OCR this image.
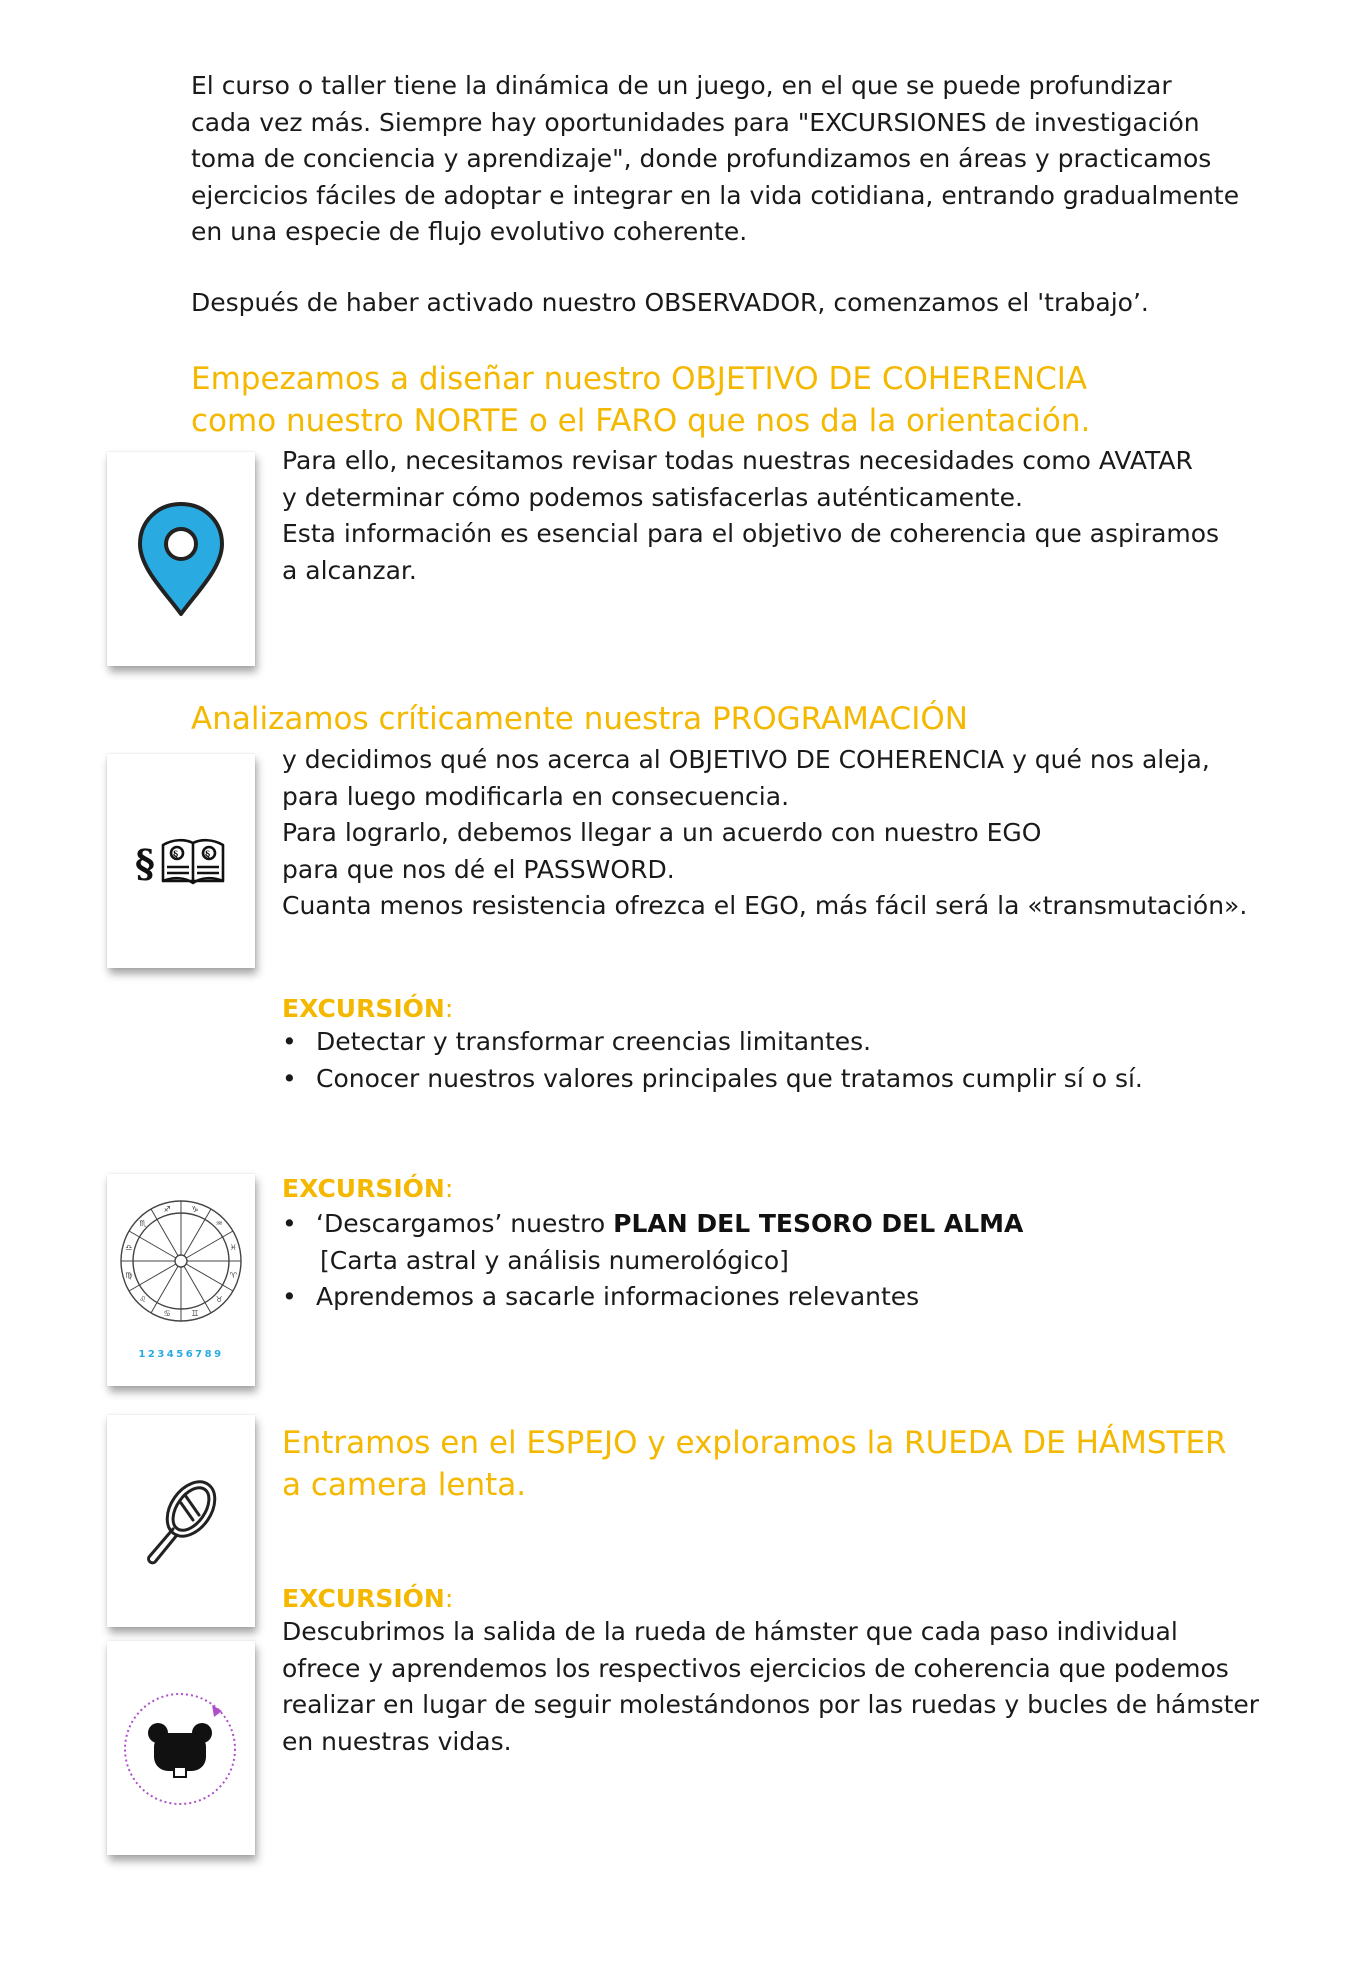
El curso o taller tiene la dinámica de un juego, en el que se puede profundizar
cada vez más. Siempre hay oportunidades para "EXCURSIONES de investigación
toma de conciencia y aprendizaje", donde profundizamos en áreas y practicamos
ejercicios fáciles de adoptar e integrar en la vida cotidiana, entrando gradualmente
en una especie de flujo evolutivo coherente.

Después de haber activado nuestro OBSERVADOR, comenzamos el 'trabajo’.

Empezamos a diseñar nuestro OBJETIVO DE COHERENCIA
como nuestro NORTE o el FARO que nos da la orientación.
Para ello, necesitamos revisar todas nuestras necesidades como AVATAR
y determinar cómo podemos satisfacerlas auténticamente.
Esta información es esencial para el objetivo de coherencia que aspiramos
a alcanzar.
Analizamos críticamente nuestra PROGRAMACIÓN
§ §	§
y decidimos qué nos acerca al OBJETIVO DE COHERENCIA y qué nos aleja,
para luego modificarla en consecuencia.
Para lograrlo, debemos llegar a un acuerdo con nuestro EGO
para que nos dé el PASSWORD.
Cuanta menos resistencia ofrezca el EGO, más fácil será la «transmutación».
EXCURSIÓN:
• Detectar y transformar creencias limitantes.
• Conocer nuestros valores principales que tratamos cumplir sí o sí.
♈
♉
♊
♋
♌
♍
♎
♏
♐	♑
♒
♓
123456789
EXCURSIÓN:
• ‘Descargamos’ nuestro PLAN DEL TESORO DEL ALMA
[Carta astral y análisis numerológico]
• Aprendemos a sacarle informaciones relevantes
Entramos en el ESPEJO y exploramos la RUEDA DE HÁMSTER
a camera lenta.
EXCURSIÓN:
Descubrimos la salida de la rueda de hámster que cada paso individual
ofrece y aprendemos los respectivos ejercicios de coherencia que podemos
realizar en lugar de seguir molestándonos por las ruedas y bucles de hámster
en nuestras vidas.
